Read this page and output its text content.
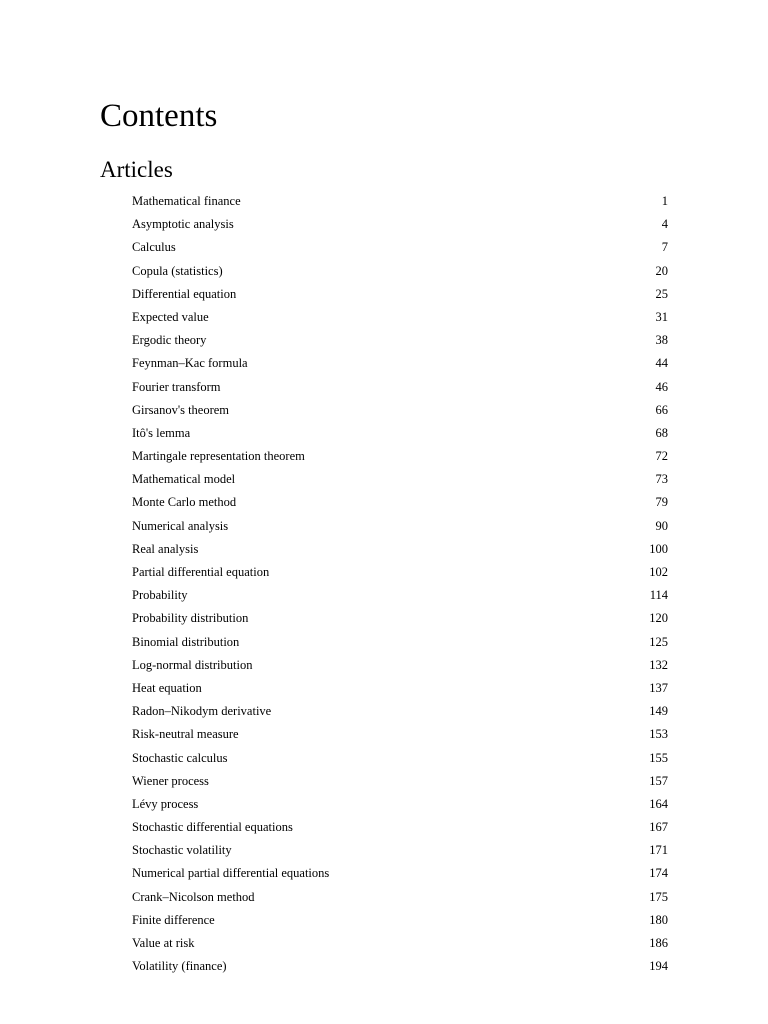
Contents
Articles
Mathematical finance	1
Asymptotic analysis	4
Calculus	7
Copula (statistics)	20
Differential equation	25
Expected value	31
Ergodic theory	38
Feynman–Kac formula	44
Fourier transform	46
Girsanov's theorem	66
Itô's lemma	68
Martingale representation theorem	72
Mathematical model	73
Monte Carlo method	79
Numerical analysis	90
Real analysis	100
Partial differential equation	102
Probability	114
Probability distribution	120
Binomial distribution	125
Log-normal distribution	132
Heat equation	137
Radon–Nikodym derivative	149
Risk-neutral measure	153
Stochastic calculus	155
Wiener process	157
Lévy process	164
Stochastic differential equations	167
Stochastic volatility	171
Numerical partial differential equations	174
Crank–Nicolson method	175
Finite difference	180
Value at risk	186
Volatility (finance)	194
